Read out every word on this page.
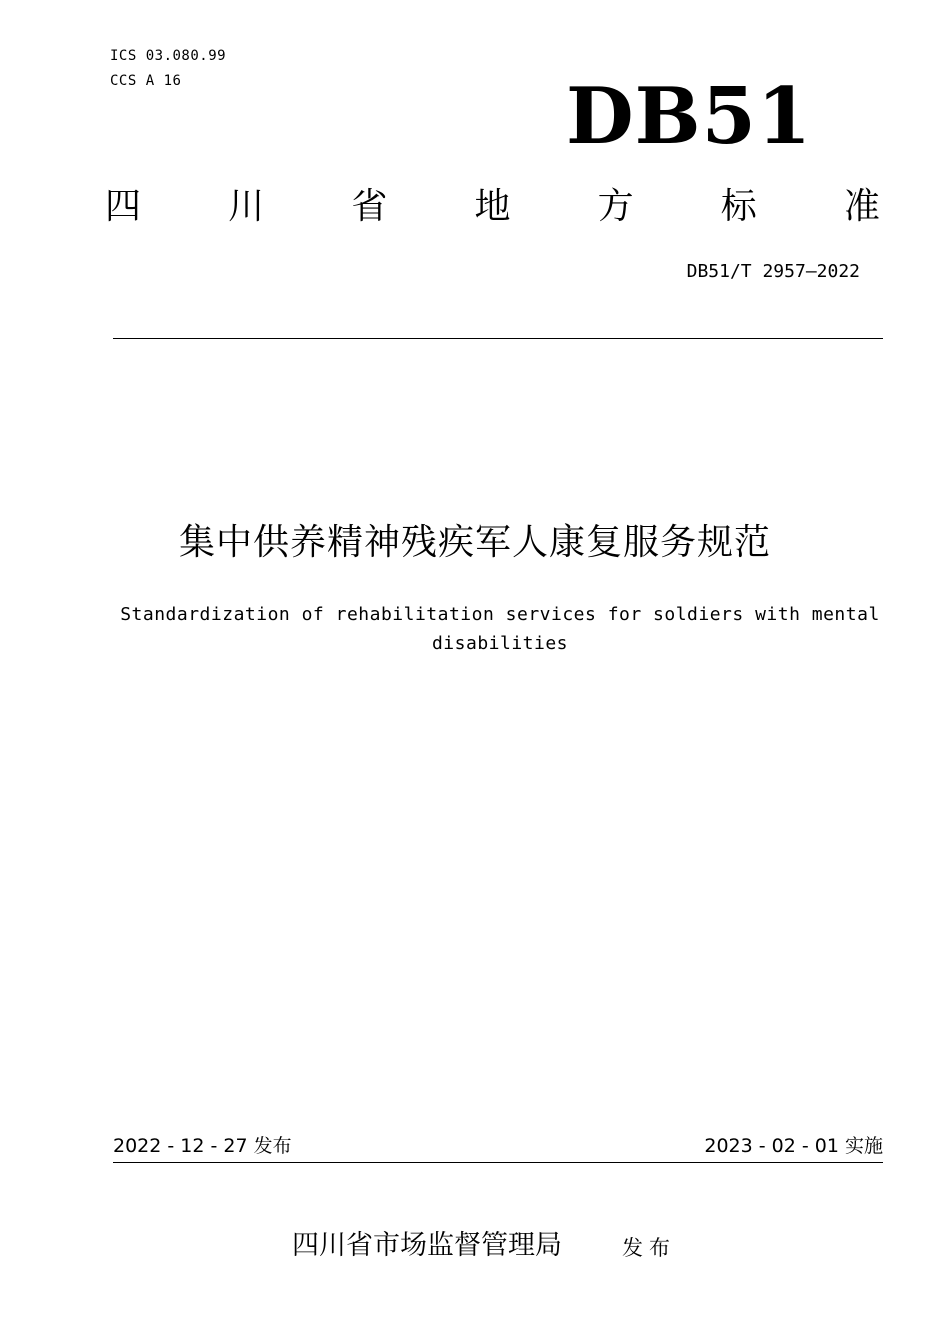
ICS 03.080.99
CCS A 16	DB51
四 川 省 地 方 标 准
DB51/T 2957—2022
集中供养精神残疾军人康复服务规范
Standardization of rehabilitation services for soldiers with mental disabilities
2022 - 12 - 27 发布	2023 - 02 - 01 实施
四川省市场监督管理局	发布
